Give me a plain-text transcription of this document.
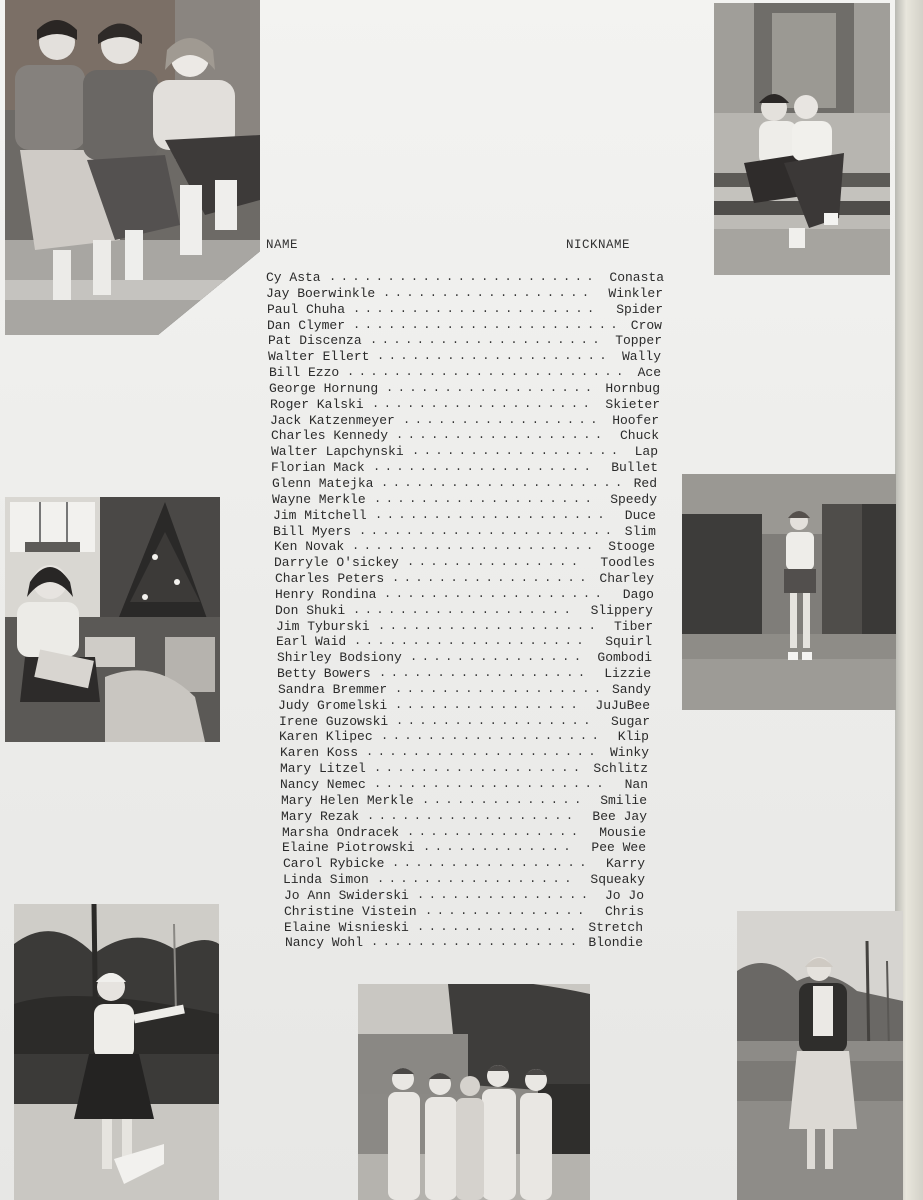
NAME	NICKNAME
Cy Asta ....................... Conasta
Jay Boerwinkle ..................	Winkler
Paul Chuha .....................	Spider
Dan Clymer ....................... Crow
Pat Discenza .................... Topper
Walter Ellert .................... Wally
Bill Ezzo ........................ Ace
George Hornung .................. Hornbug
Roger Kalski ................... Skieter
Jack Katzenmeyer ................. Hoofer
Charles Kennedy ..................	Chuck
Walter Lapchynski .................. Lap
Florian Mack ...................	Bullet
Glenn Matejka ..................... Red
Wayne Merkle ...................	Speedy
Jim Mitchell ....................	Duce
Bill Myers ...................... Slim
Ken Novak ..................... Stooge
Darryle O'sickey ...............	Toodles
Charles Peters ................. Charley
Henry Rondina ...................	Dago
Don Shuki ...................	Slippery
Jim Tyburski ...................	Tiber
Earl Waid ....................	Squirl
Shirley Bodsiony ............... Gombodi
Betty Bowers ..................	Lizzie
Sandra Bremmer .................. Sandy
Judy Gromelski ................	JuJuBee
Irene Guzowski .................	Sugar
Karen Klipec ...................	Klip
Karen Koss .................... Winky
Mary Litzel .................. Schlitz
Nancy Nemec ....................	Nan
Mary Helen Merkle ..............	Smilie
Mary Rezak ..................	Bee Jay
Marsha Ondracek ...............	Mousie
Elaine Piotrowski .............	Pee Wee
Carol Rybicke .................	Karry
Linda Simon .................	Squeaky
Jo Ann Swiderski ............... Jo Jo
Christine Vistein ..............	Chris
Elaine Wisnieski .............. Stretch
Nancy Wohl .................. Blondie
